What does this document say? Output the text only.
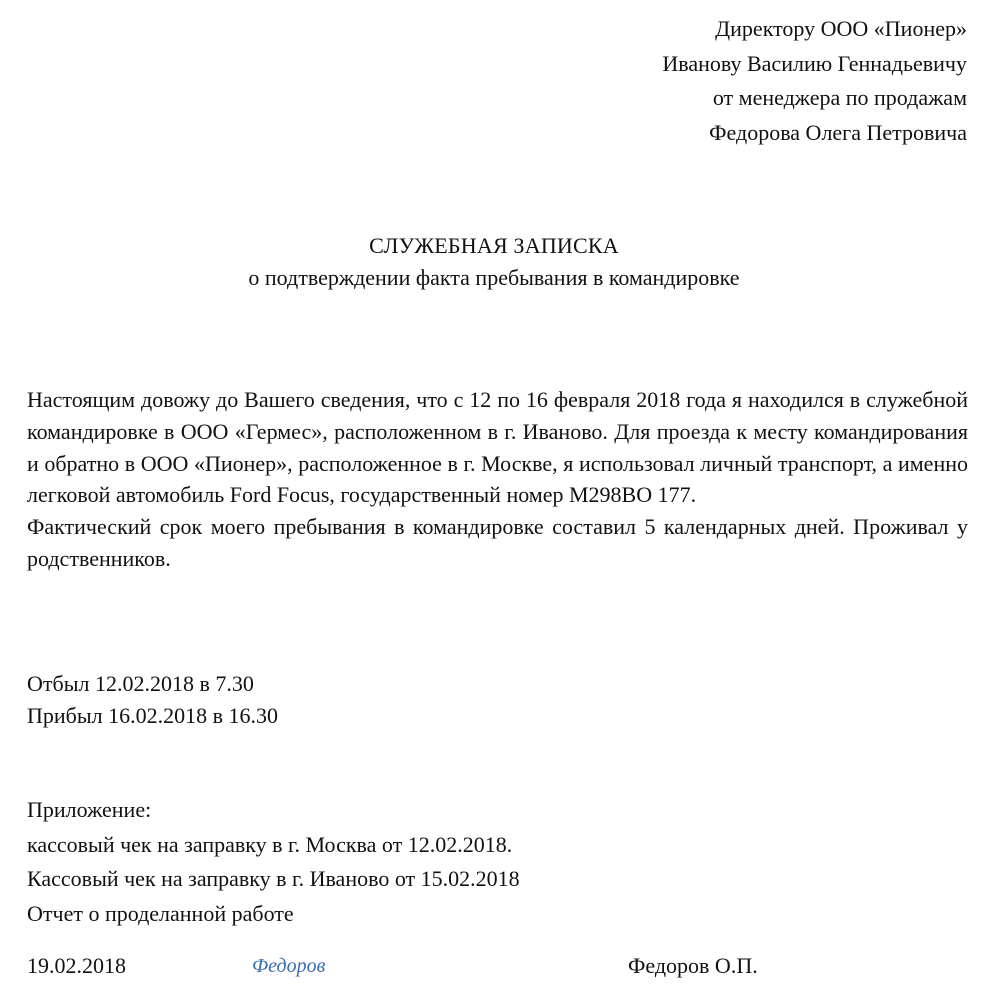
Директору ООО «Пионер»
Иванову Василию Геннадьевичу
от менеджера по продажам
Федорова Олега Петровича
СЛУЖЕБНАЯ ЗАПИСКА
о подтверждении факта пребывания в командировке

Настоящим довожу до Вашего сведения, что с 12 по 16 февраля 2018 года я находился в служебной командировке в ООО «Гермес», расположенном в г. Иваново. Для проезда к месту командирования и обратно в ООО «Пионер», расположенное в г. Москве, я использовал личный транспорт, а именно легковой автомобиль Ford Focus, государственный номер М298ВО 177.

Фактический срок моего пребывания в командировке составил 5 календарных дней. Проживал у родственников.

Отбыл 12.02.2018 в 7.30
Прибыл 16.02.2018 в 16.30
Приложение:
кассовый чек на заправку в г. Москва от 12.02.2018.
Кассовый чек на заправку в г. Иваново от 15.02.2018
Отчет о проделанной работе
19.02.2018	Федоров	Федоров О.П.
